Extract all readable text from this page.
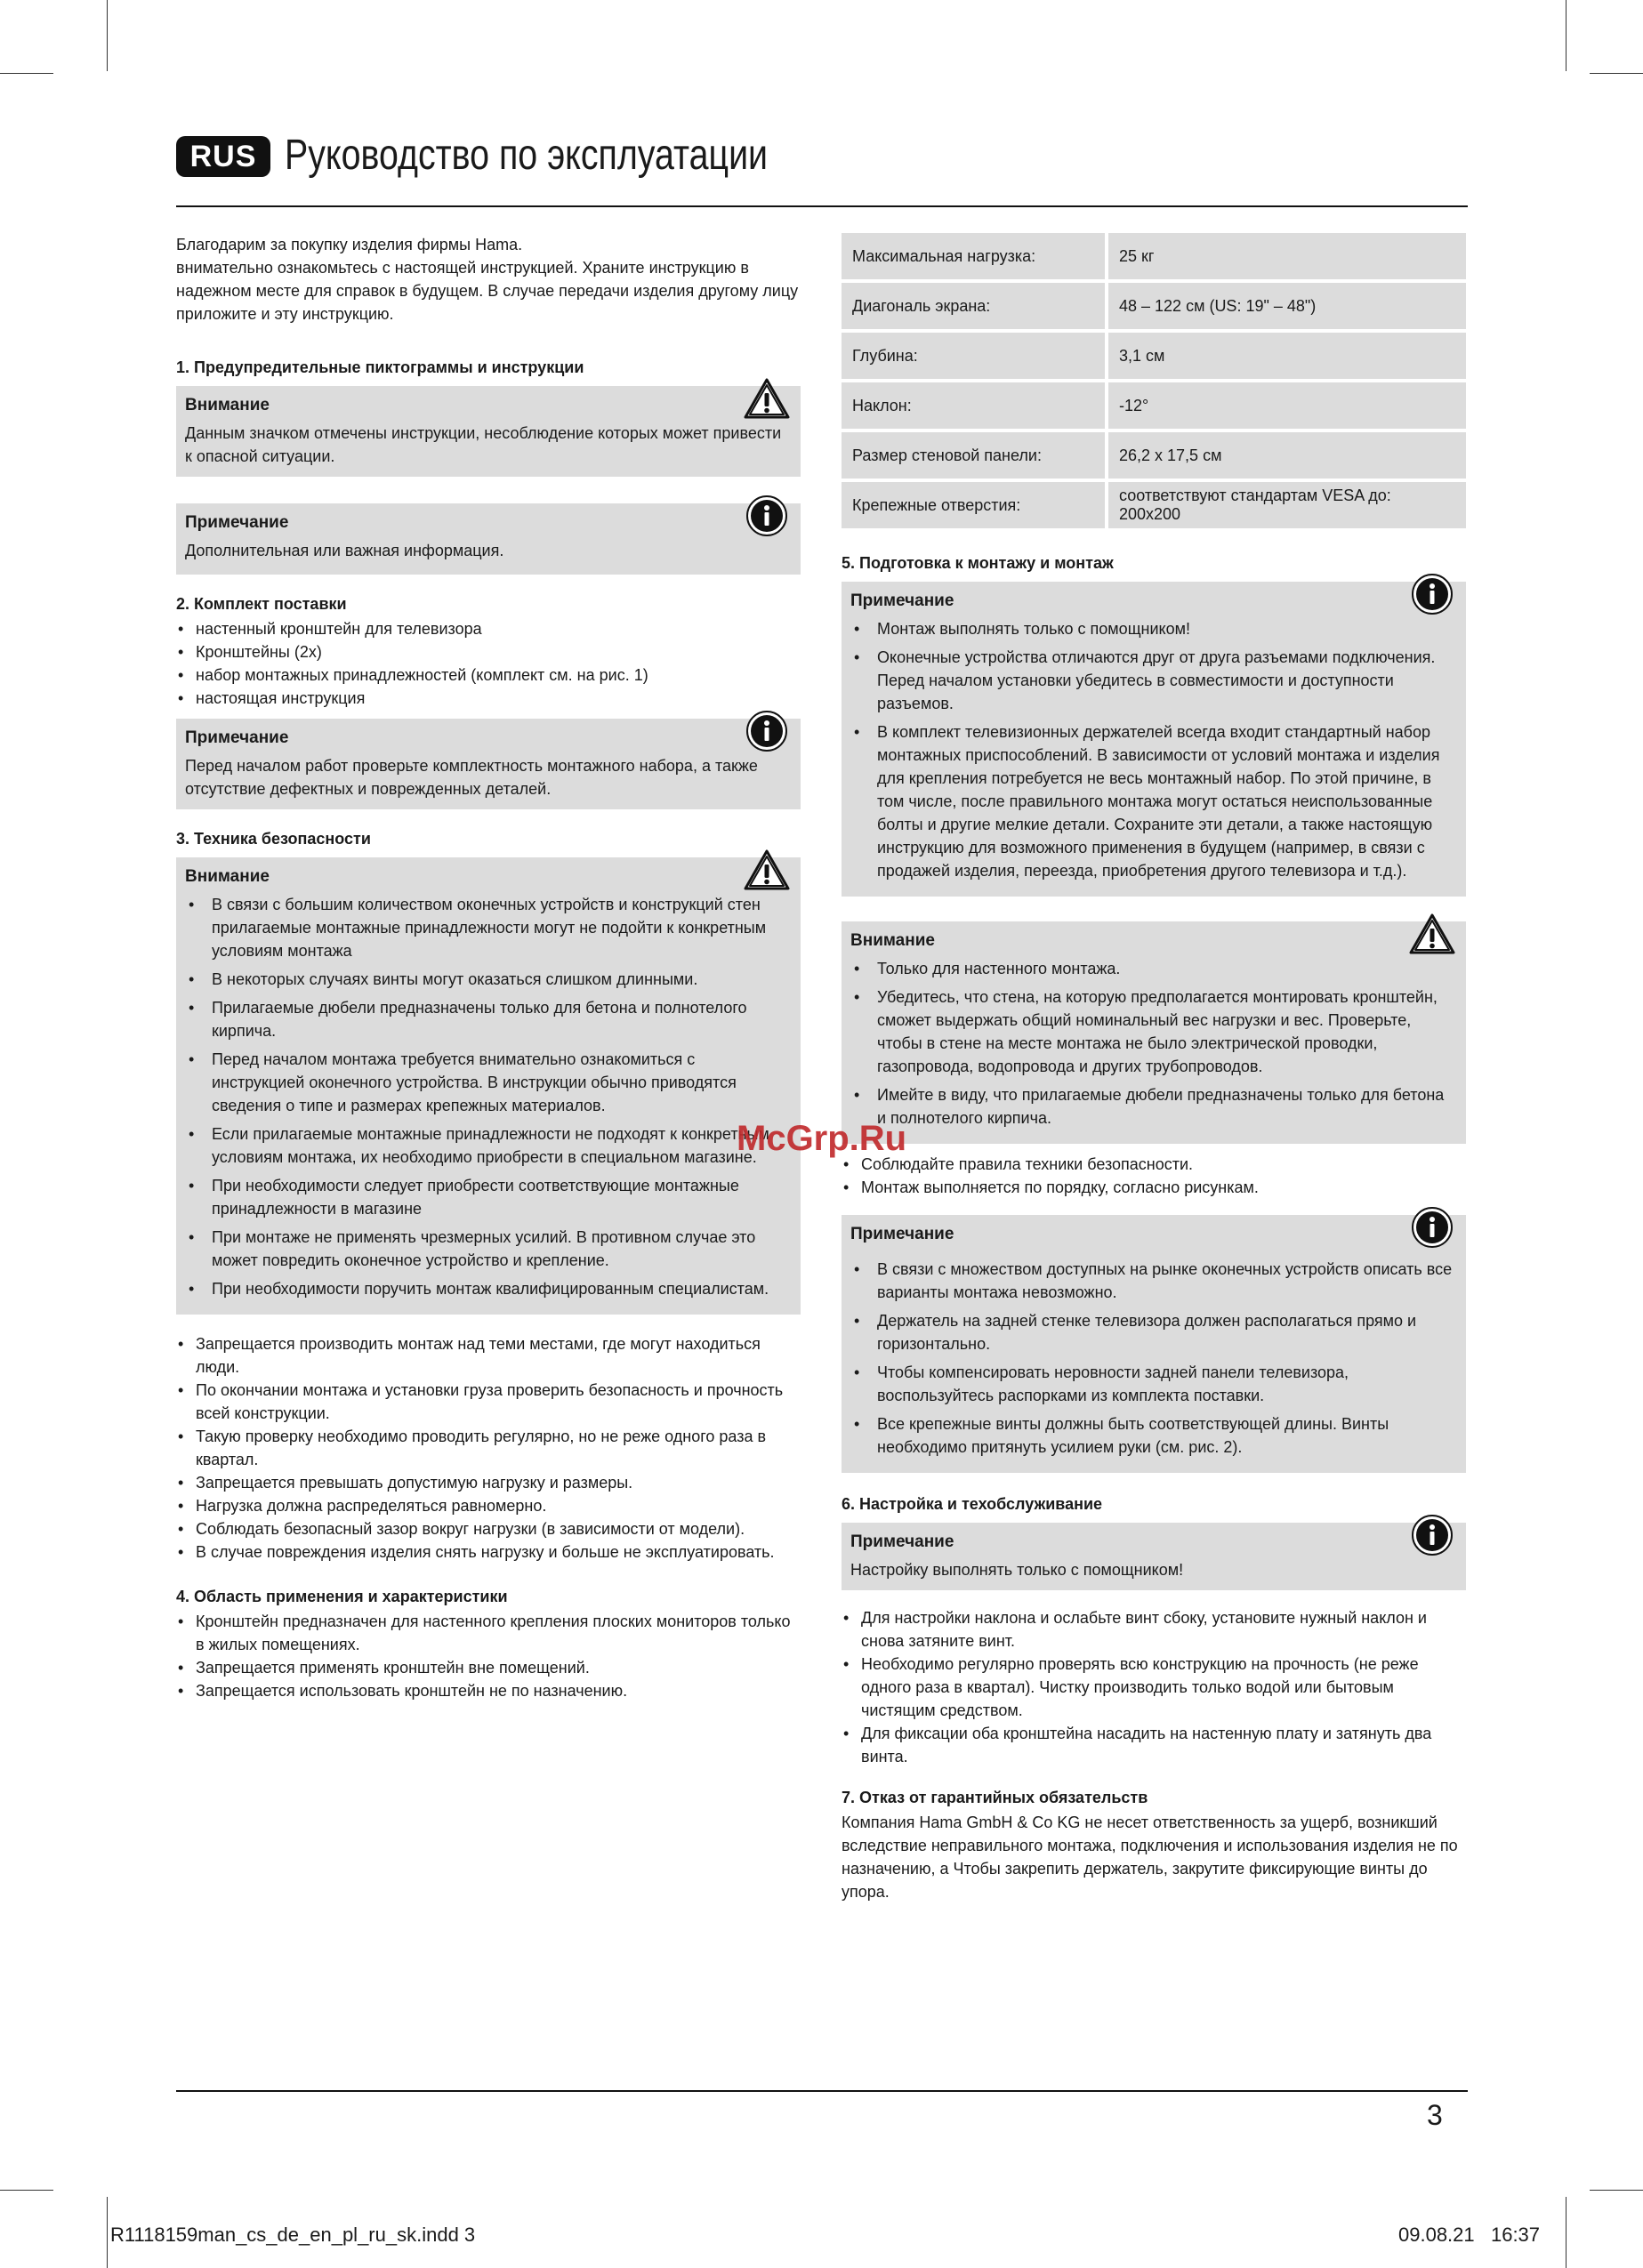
RUS Руководство по эксплуатации

Благодарим за покупку изделия фирмы Hama.

внимательно ознакомьтесь с настоящей инструкцией. Храните инструкцию в надежном месте для справок в будущем. В случае передачи изделия другому лицу приложите и эту инструкцию.

1. Предупредительные пиктограммы и инструкции
Внимание

Данным значком отмечены инструкции, несоблюдение которых может привести к опасной ситуации.

Примечание

Дополнительная или важная информация.

2. Комплект поставки
• настенный кронштейн для телевизора
• Кронштейны (2x)
• набор монтажных принадлежностей (комплект см. на рис. 1)
• настоящая инструкция
Примечание

Перед началом работ проверьте комплектность монтажного набора, а также отсутствие дефектных и поврежденных деталей.

3. Техника безопасности
Внимание
• В связи с большим количеством оконечных устройств и конструкций стен прилагаемые монтажные принадлежности могут не подойти к конкретным условиям монтажа
• В некоторых случаях винты могут оказаться слишком длинными.
• Прилагаемые дюбели предназначены только для бетона и полнотелого кирпича.
• Перед началом монтажа требуется внимательно ознакомиться с инструкцией оконечного устройства. В инструкции обычно приводятся сведения о типе и размерах крепежных материалов.
• Если прилагаемые монтажные принадлежности не подходят к конкретным условиям монтажа, их необходимо приобрести в специальном магазине.
• При необходимости следует приобрести соответствующие монтажные принадлежности в магазине
• При монтаже не применять чрезмерных усилий. В противном случае это может повредить оконечное устройство и крепление.
• При необходимости поручить монтаж квалифицированным специалистам.
• Запрещается производить монтаж над теми местами, где могут находиться люди.
• По окончании монтажа и установки груза проверить безопасность и прочность всей конструкции.
• Такую проверку необходимо проводить регулярно, но не реже одного раза в квартал.
• Запрещается превышать допустимую нагрузку и размеры.
• Нагрузка должна распределяться равномерно.
• Соблюдать безопасный зазор вокруг нагрузки (в зависимости от модели).
• В случае повреждения изделия снять нагрузку и больше не эксплуатировать.
4. Область применения и характеристики
• Кронштейн предназначен для настенного крепления плоских мониторов только в жилых помещениях.
• Запрещается применять кронштейн вне помещений.
• Запрещается использовать кронштейн не по назначению.
Максимальная нагрузка:	25 кг
Диагональ экрана:	48 – 122 см (US: 19" – 48")
Глубина:	3,1 см
Наклон:	-12°
Размер стеновой панели:	26,2 x 17,5 см
Крепежные отверстия:	соответствуют стандартам VESA до: 200x200
5. Подготовка к монтажу и монтаж
Примечание
• Монтаж выполнять только с помощником!
• Оконечные устройства отличаются друг от друга разъемами подключения. Перед началом установки убедитесь в совместимости и доступности разъемов.
• В комплект телевизионных держателей всегда входит стандартный набор монтажных приспособлений. В зависимости от условий монтажа и изделия для крепления потребуется не весь монтажный набор. По этой причине, в том числе, после правильного монтажа могут остаться неиспользованные болты и другие мелкие детали. Сохраните эти детали, а также настоящую инструкцию для возможного применения в будущем (например, в связи с продажей изделия, переезда, приобретения другого телевизора и т.д.).
Внимание
• Только для настенного монтажа.
• Убедитесь, что стена, на которую предполагается монтировать кронштейн, сможет выдержать общий номинальный вес нагрузки и вес. Проверьте, чтобы в стене на месте монтажа не было электрической проводки, газопровода, водопровода и других трубопроводов.
• Имейте в виду, что прилагаемые дюбели предназначены только для бетона и полнотелого кирпича.
• Соблюдайте правила техники безопасности.
• Монтаж выполняется по порядку, согласно рисункам.
Примечание
• В связи с множеством доступных на рынке оконечных устройств описать все варианты монтажа невозможно.
• Держатель на задней стенке телевизора должен располагаться прямо и горизонтально.
• Чтобы компенсировать неровности задней панели телевизора, воспользуйтесь распорками из комплекта поставки.
• Все крепежные винты должны быть соответствующей длины. Винты необходимо притянуть усилием руки (см. рис. 2).
6. Настройка и техобслуживание
Примечание

Настройку выполнять только с помощником!

• Для настройки наклона и ослабьте винт сбоку, установите нужный наклон и снова затяните винт.
• Необходимо регулярно проверять всю конструкцию на прочность (не реже одного раза в квартал). Чистку производить только водой или бытовым чистящим средством.
• Для фиксации оба кронштейна насадить на настенную плату и затянуть два винта.
7. Отказ от гарантийных обязательств

Компания Hama GmbH & Co KG не несет ответственность за ущерб, возникший вследствие неправильного монтажа, подключения и использования изделия не по назначению, а Чтобы закрепить держатель, закрутите фиксирующие винты до упора.

McGrp.Ru
3
R1118159man_cs_de_en_pl_ru_sk.indd 3	09.08.21   16:37
